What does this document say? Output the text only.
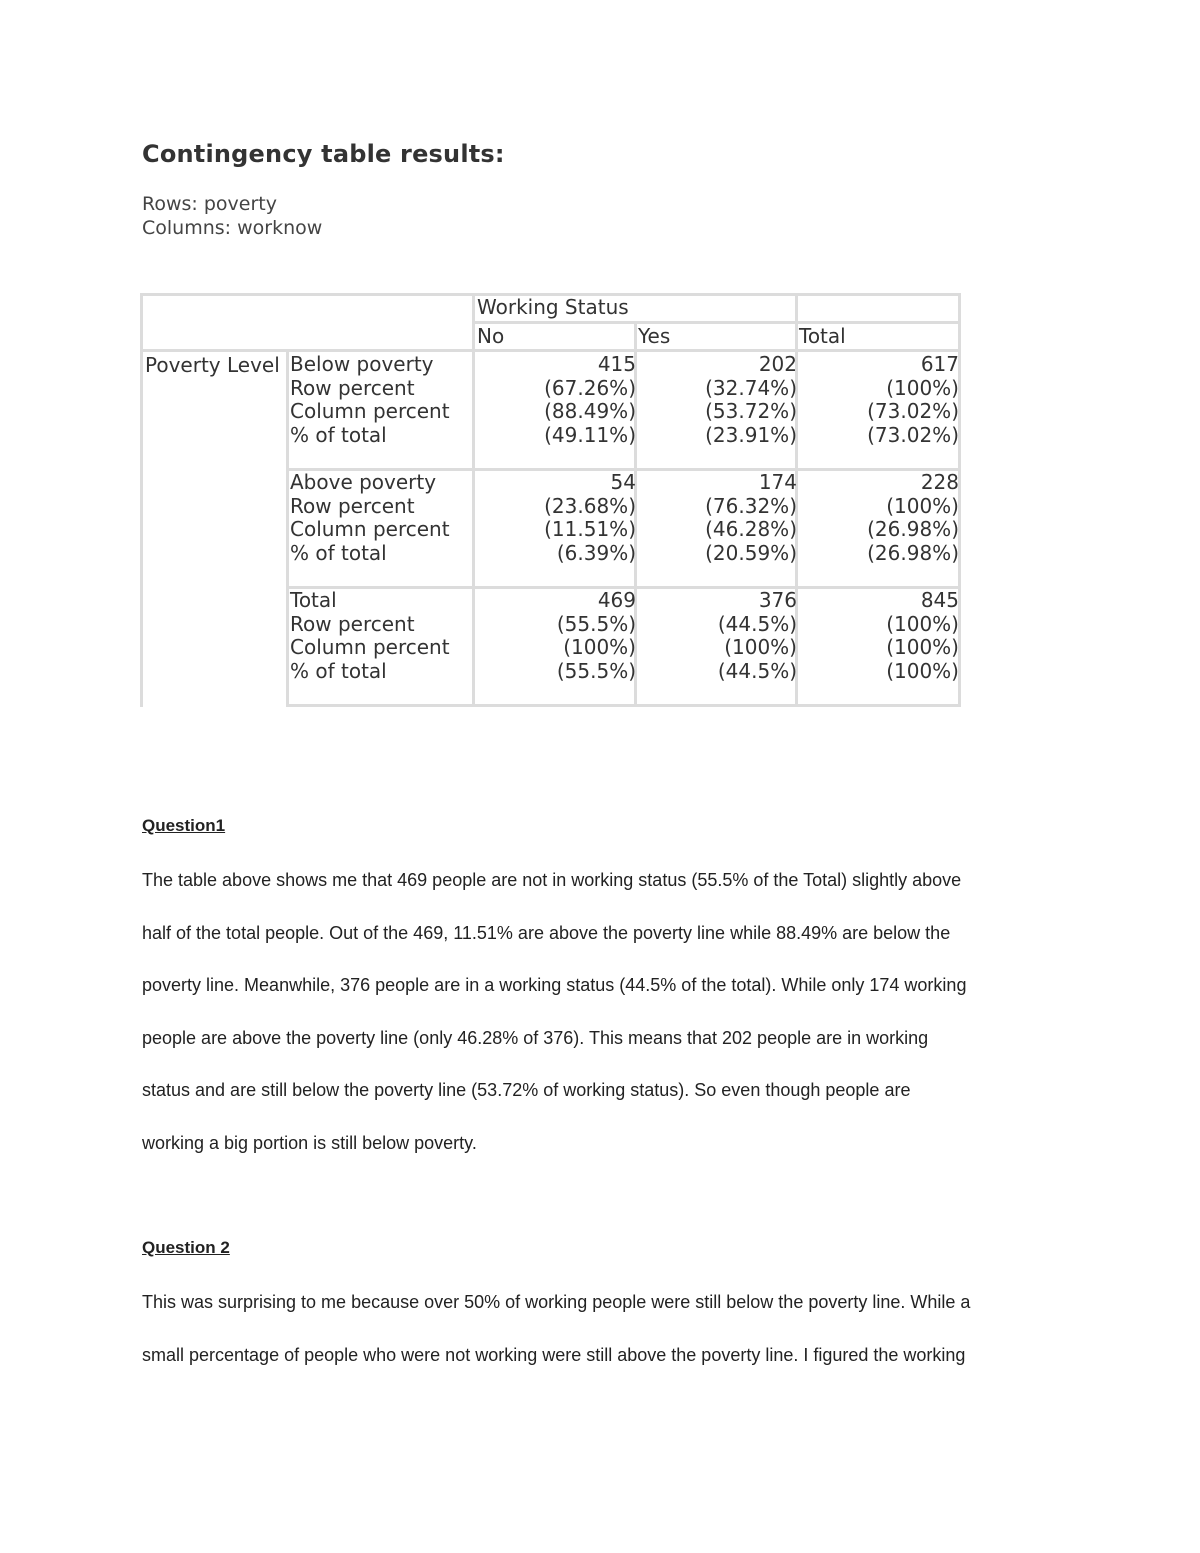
Contingency table results:
Rows: poverty
Columns: worknow
Working Status
No	Yes	Total
Poverty Level Below poverty
Row percent
Column percent
% of total
415
(67.26%)
(88.49%)
(49.11%)
202
(32.74%)
(53.72%)
(23.91%)
617
(100%)
(73.02%)
(73.02%)
Above poverty
Row percent
Column percent
% of total
54
(23.68%)
(11.51%)
(6.39%)
174
(76.32%)
(46.28%)
(20.59%)
228
(100%)
(26.98%)
(26.98%)
Total
Row percent
Column percent
% of total
469
(55.5%)
(100%)
(55.5%)
376
(44.5%)
(100%)
(44.5%)
845
(100%)
(100%)
(100%)
Question1
The table above shows me that 469 people are not in working status (55.5% of the Total) slightly above
half of the total people. Out of the 469, 11.51% are above the poverty line while 88.49% are below the
poverty line. Meanwhile, 376 people are in a working status (44.5% of the total). While only 174 working
people are above the poverty line (only 46.28% of 376). This means that 202 people are in working
status and are still below the poverty line (53.72% of working status). So even though people are
working a big portion is still below poverty.
Question 2
This was surprising to me because over 50% of working people were still below the poverty line. While a
small percentage of people who were not working were still above the poverty line. I figured the working
